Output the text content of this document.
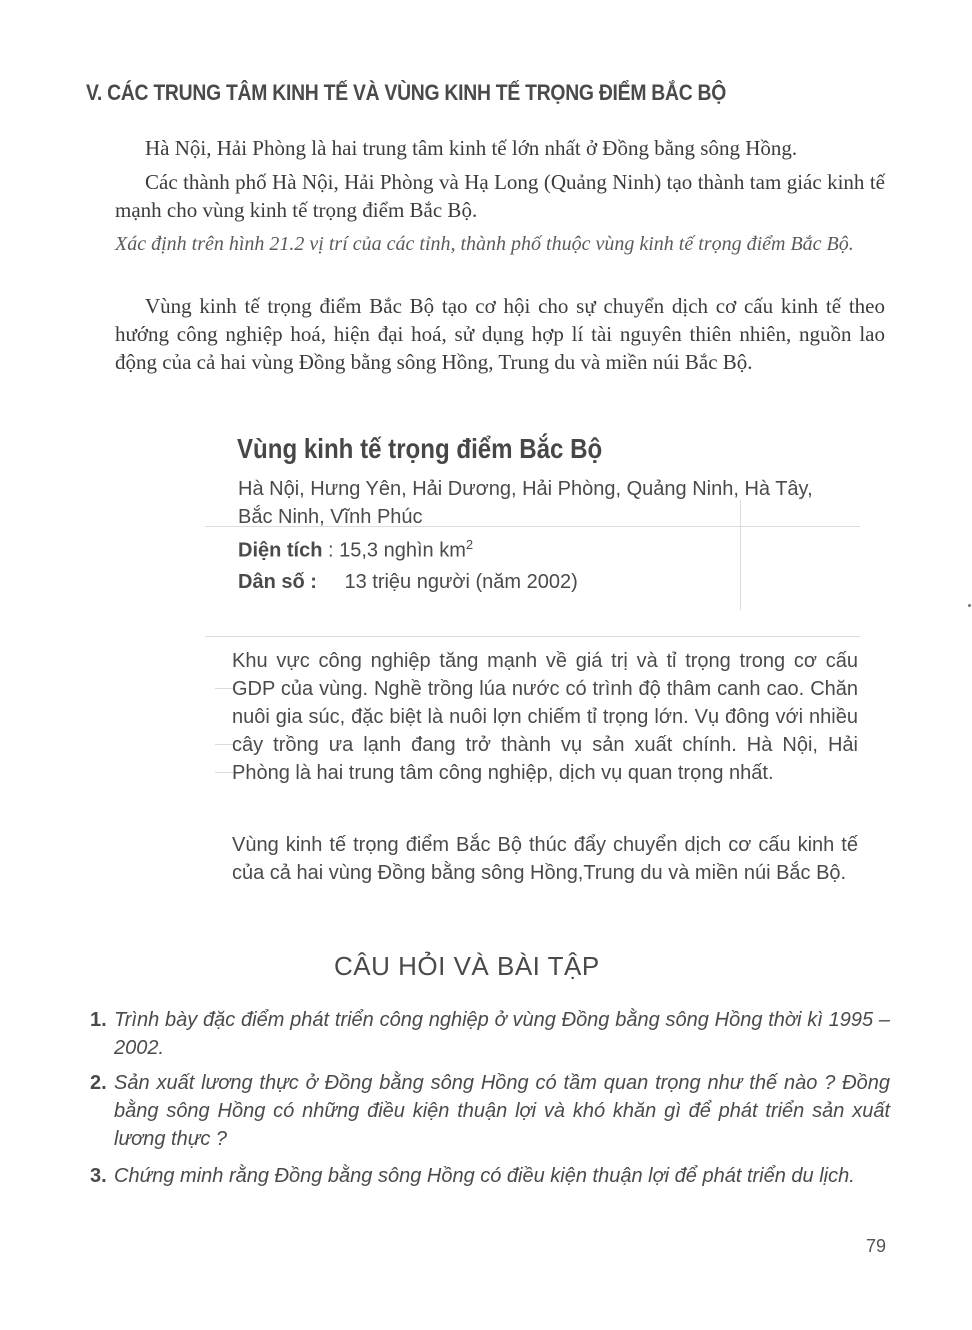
V. CÁC TRUNG TÂM KINH TẾ VÀ VÙNG KINH TẾ TRỌNG ĐIỂM BẮC BỘ
Hà Nội, Hải Phòng là hai trung tâm kinh tế lớn nhất ở Đồng bằng sông Hồng.
Các thành phố Hà Nội, Hải Phòng và Hạ Long (Quảng Ninh) tạo thành tam giác kinh tế mạnh cho vùng kinh tế trọng điểm Bắc Bộ.
Xác định trên hình 21.2 vị trí của các tỉnh, thành phố thuộc vùng kinh tế trọng điểm Bắc Bộ.
Vùng kinh tế trọng điểm Bắc Bộ tạo cơ hội cho sự chuyển dịch cơ cấu kinh tế theo hướng công nghiệp hoá, hiện đại hoá, sử dụng hợp lí tài nguyên thiên nhiên, nguồn lao động của cả hai vùng Đồng bằng sông Hồng, Trung du và miền núi Bắc Bộ.
Vùng kinh tế trọng điểm Bắc Bộ
Hà Nội, Hưng Yên, Hải Dương, Hải Phòng, Quảng Ninh, Hà Tây, Bắc Ninh, Vĩnh Phúc
Diện tích : 15,3 nghìn $km^2$
Dân số : 13 triệu người (năm 2002)
Khu vực công nghiệp tăng mạnh về giá trị và tỉ trọng trong cơ cấu GDP của vùng. Nghề trồng lúa nước có trình độ thâm canh cao. Chăn nuôi gia súc, đặc biệt là nuôi lợn chiếm tỉ trọng lớn. Vụ đông với nhiều cây trồng ưa lạnh đang trở thành vụ sản xuất chính. Hà Nội, Hải Phòng là hai trung tâm công nghiệp, dịch vụ quan trọng nhất.
Vùng kinh tế trọng điểm Bắc Bộ thúc đẩy chuyển dịch cơ cấu kinh tế của cả hai vùng Đồng bằng sông Hồng,Trung du và miền núi Bắc Bộ.
CÂU HỎI VÀ BÀI TẬP
1. Trình bày đặc điểm phát triển công nghiệp ở vùng Đồng bằng sông Hồng thời kì 1995 – 2002.
2. Sản xuất lương thực ở Đồng bằng sông Hồng có tầm quan trọng như thế nào ? Đồng bằng sông Hồng có những điều kiện thuận lợi và khó khăn gì để phát triển sản xuất lương thực ?
3. Chứng minh rằng Đồng bằng sông Hồng có điều kiện thuận lợi để phát triển du lịch.
79
